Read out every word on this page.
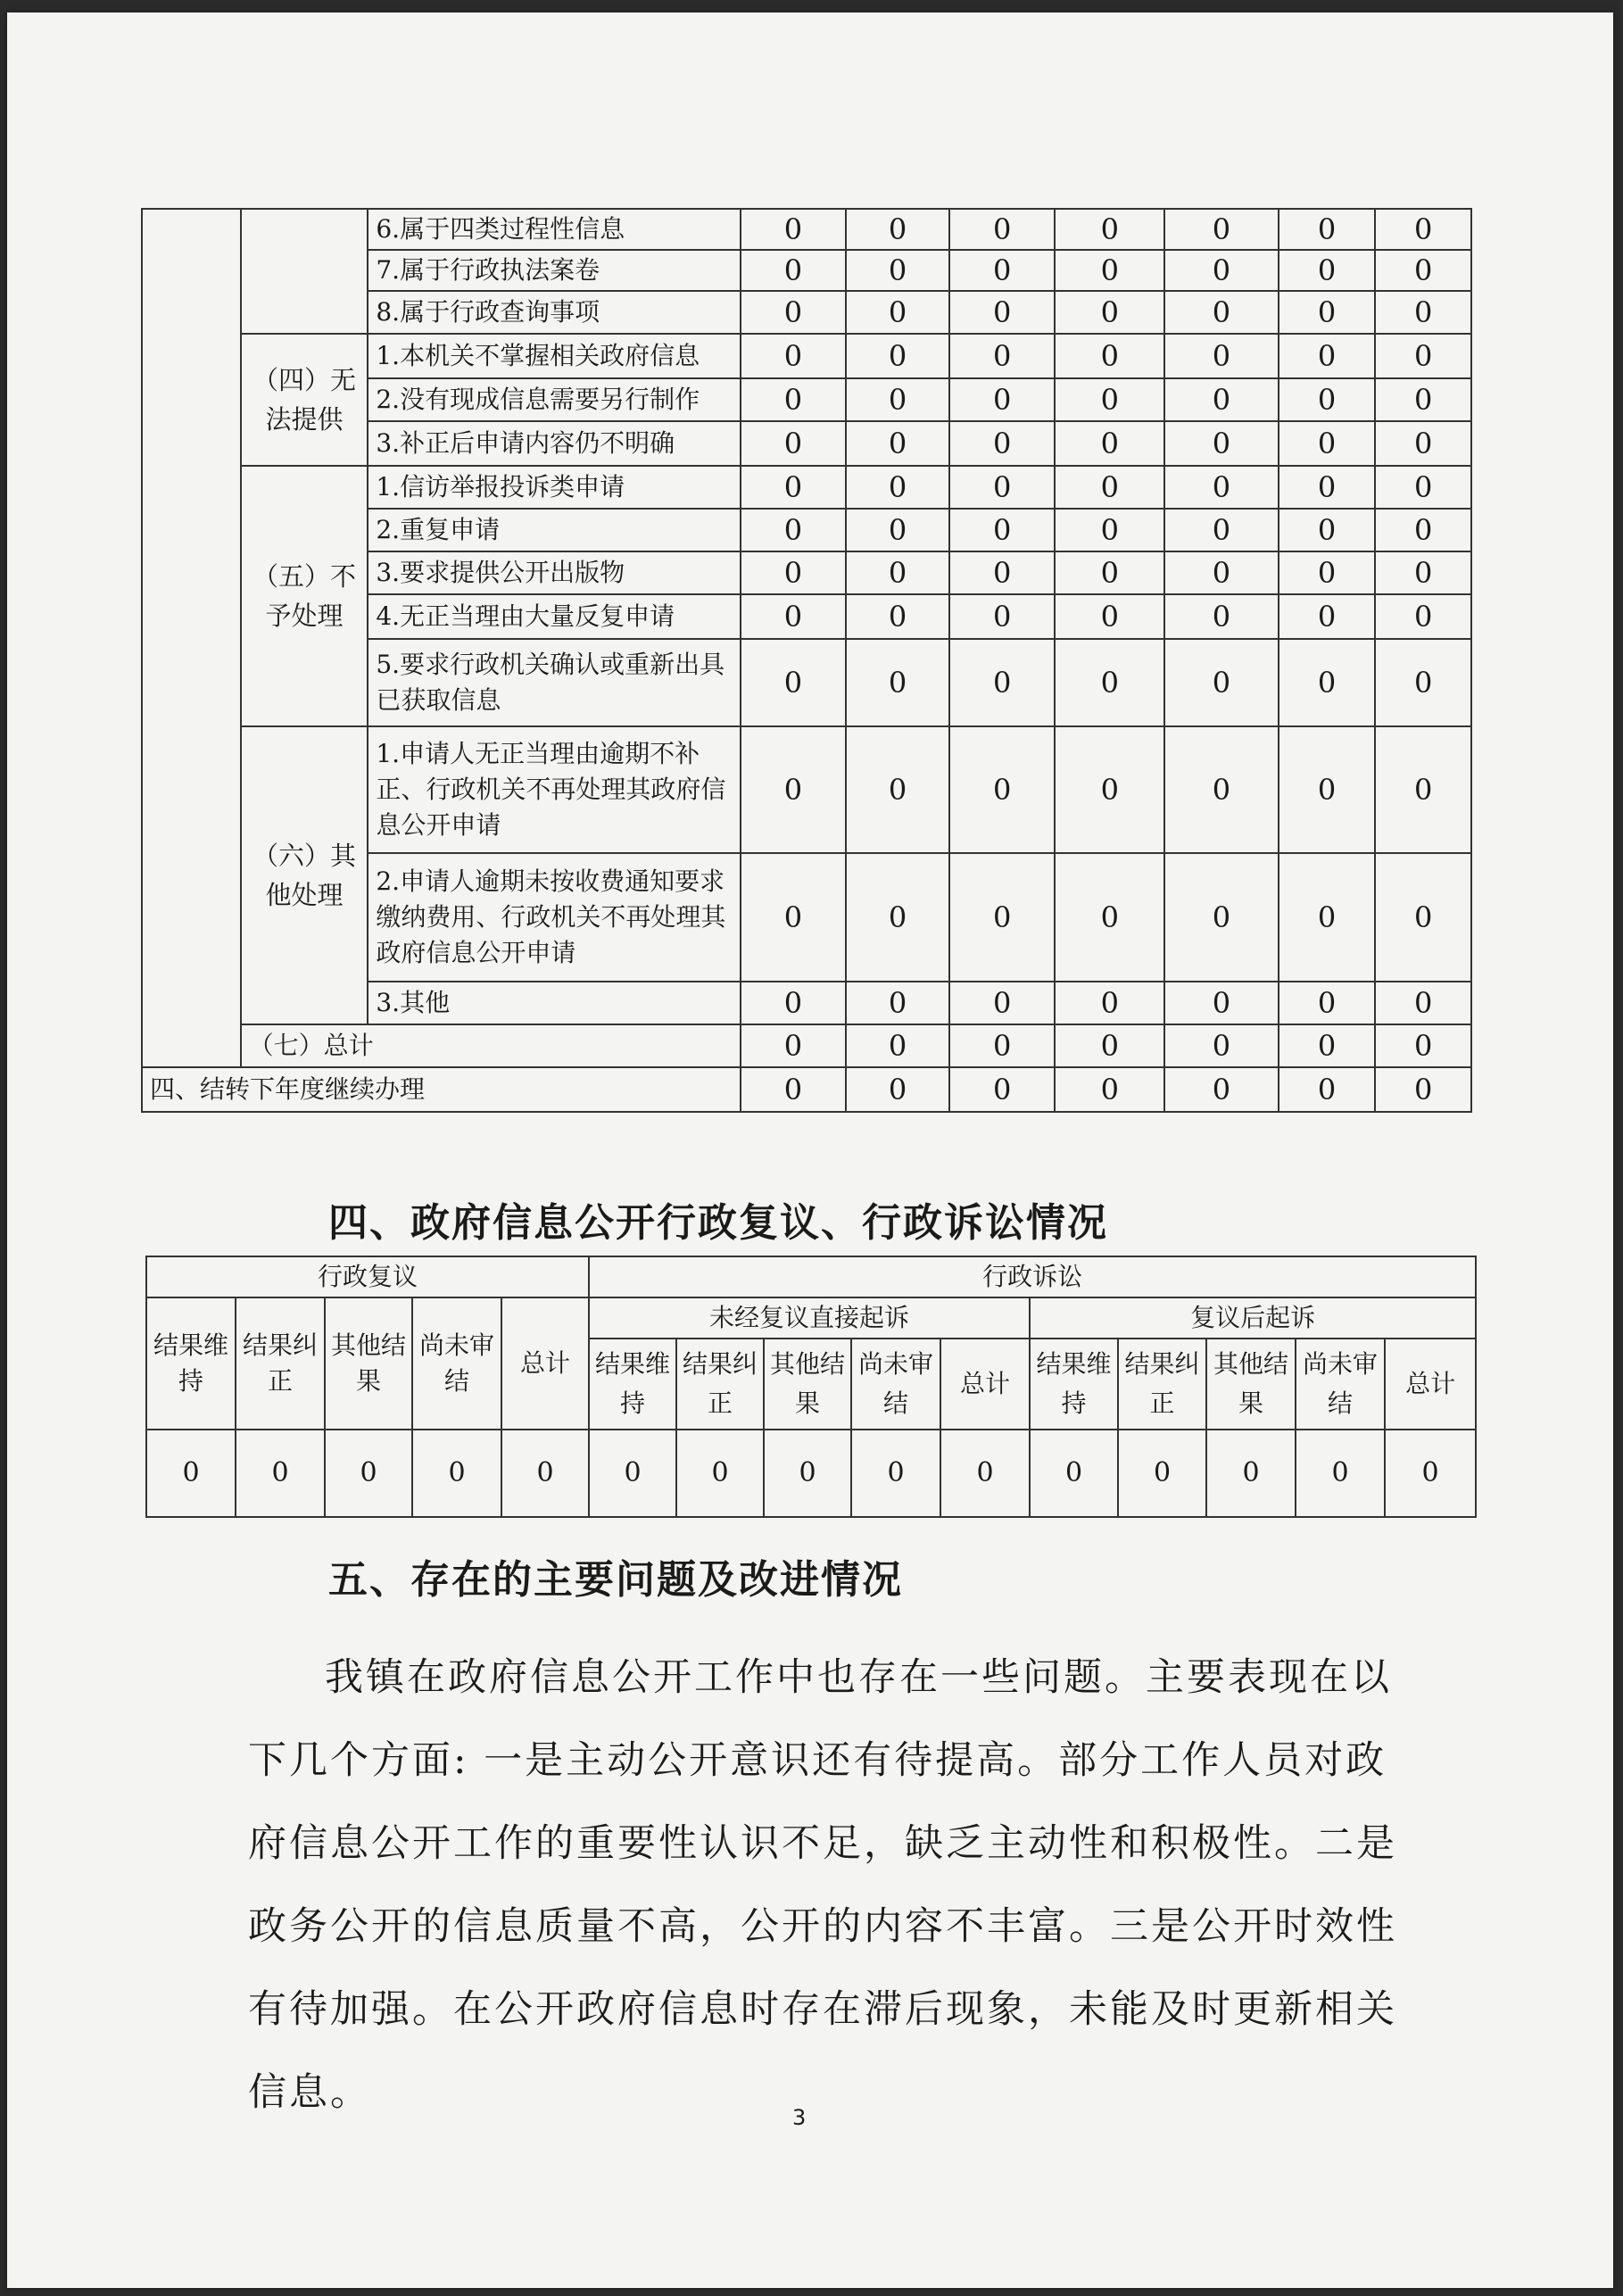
		6.属于四类过程性信息	0	0	0	0	0	0	0
		7.属于行政执法案卷	0	0	0	0	0	0	0
		8.属于行政查询事项	0	0	0	0	0	0	0
	（四）无法提供	1.本机关不掌握相关政府信息	0	0	0	0	0	0	0
		2.没有现成信息需要另行制作	0	0	0	0	0	0	0
		3.补正后申请内容仍不明确	0	0	0	0	0	0	0
	（五）不予处理	1.信访举报投诉类申请	0	0	0	0	0	0	0
		2.重复申请	0	0	0	0	0	0	0
		3.要求提供公开出版物	0	0	0	0	0	0	0
		4.无正当理由大量反复申请	0	0	0	0	0	0	0
		5.要求行政机关确认或重新出具已获取信息	0	0	0	0	0	0	0
	（六）其他处理	1.申请人无正当理由逾期不补正、行政机关不再处理其政府信息公开申请	0	0	0	0	0	0	0
		2.申请人逾期未按收费通知要求缴纳费用、行政机关不再处理其政府信息公开申请	0	0	0	0	0	0	0
		3.其他	0	0	0	0	0	0	0
	（七）总计		0	0	0	0	0	0	0
四、结转下年度继续办理			0	0	0	0	0	0	0
四、政府信息公开行政复议、行政诉讼情况
行政复议					行政诉讼									
结果维持	结果纠正	其他结果	尚未审结	总计	未经复议直接起诉					复议后起诉				
					结果维持	结果纠正	其他结果	尚未审结	总计	结果维持	结果纠正	其他结果	尚未审结	总计
0	0	0	0	0	0	0	0	0	0	0	0	0	0	0
五、存在的主要问题及改进情况

我镇在政府信息公开工作中也存在一些问题。主要表现在以下几个方面: 一是主动公开意识还有待提高。部分工作人员对政府信息公开工作的重要性认识不足，缺乏主动性和积极性。二是政务公开的信息质量不高，公开的内容不丰富。三是公开时效性有待加强。在公开政府信息时存在滞后现象，未能及时更新相关信息。

3
